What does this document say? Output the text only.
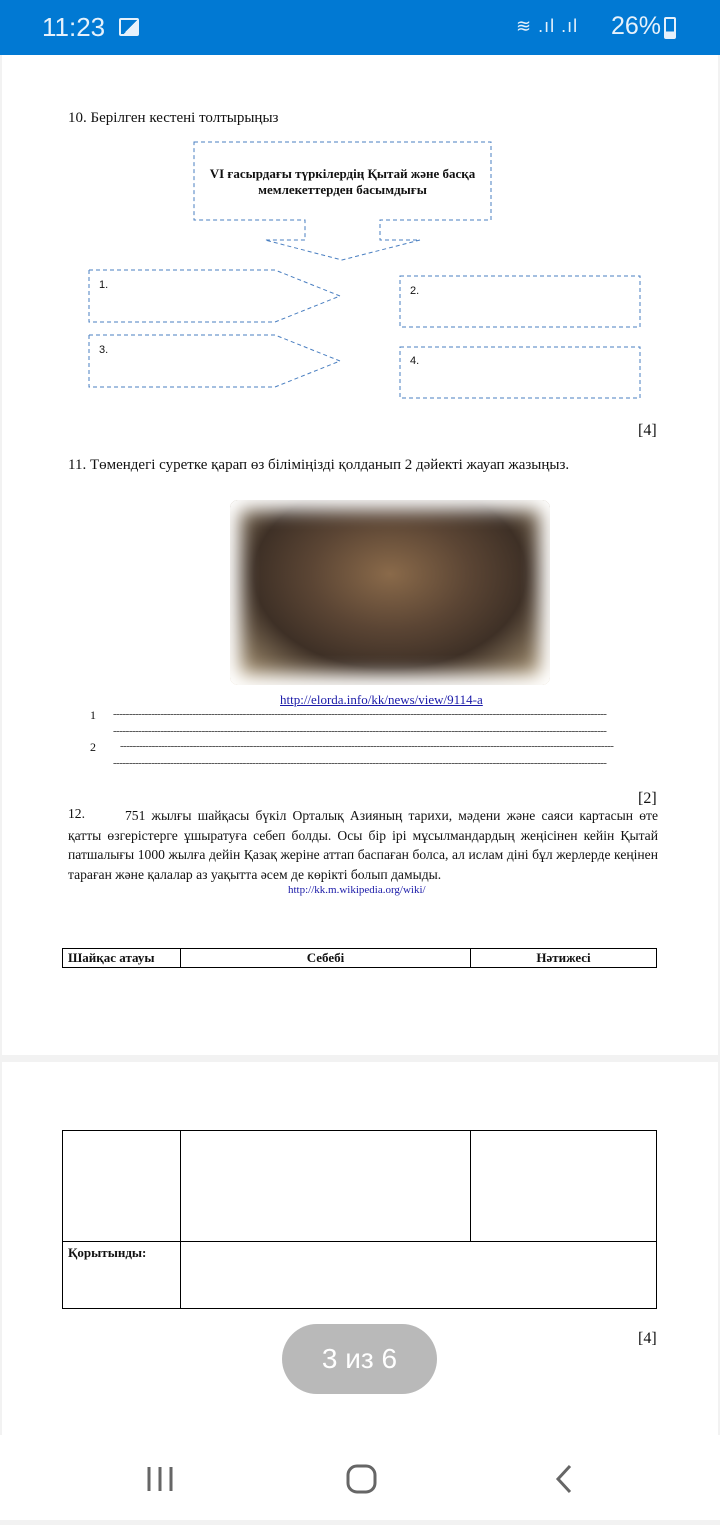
11:23	≋ .ıl .ıl 26%
10. Берілген кестені толтырыңыз
VI ғасырдағы түркілердің Қытай және басқа мемлекеттерден басымдығы
1.	2.
3.
4.
[4]
11. Төмендегі суретке қарап өз біліміңізді қолданып 2 дәйекті жауап жазыңыз.
http://elorda.info/kk/news/view/9114-a
1 ------------------------------------------------------------------------------------------------------------------------------------------------------------
------------------------------------------------------------------------------------------------------------------------------------------------------------
2 ------------------------------------------------------------------------------------------------------------------------------------------------------------
------------------------------------------------------------------------------------------------------------------------------------------------------------
[2]
12.	751 жылғы шайқасы бүкіл Орталық Азияның тарихи, мәдени және саяси картасын өте қатты өзгерістерге ұшыратуға себеп болды. Осы бір ірі мұсылмандардың жеңісінен кейін Қытай патшалығы 1000 жылға дейін Қазақ жеріне аттап баспаған болса, ал ислам діні бұл жерлерде кеңінен тараған және қалалар аз уақытта әсем де көрікті болып дамыды.
http://kk.m.wikipedia.org/wiki/
Шайқас атауы	Себебі	Нәтижесі

Қорытынды:		
[4]
3 из 6
